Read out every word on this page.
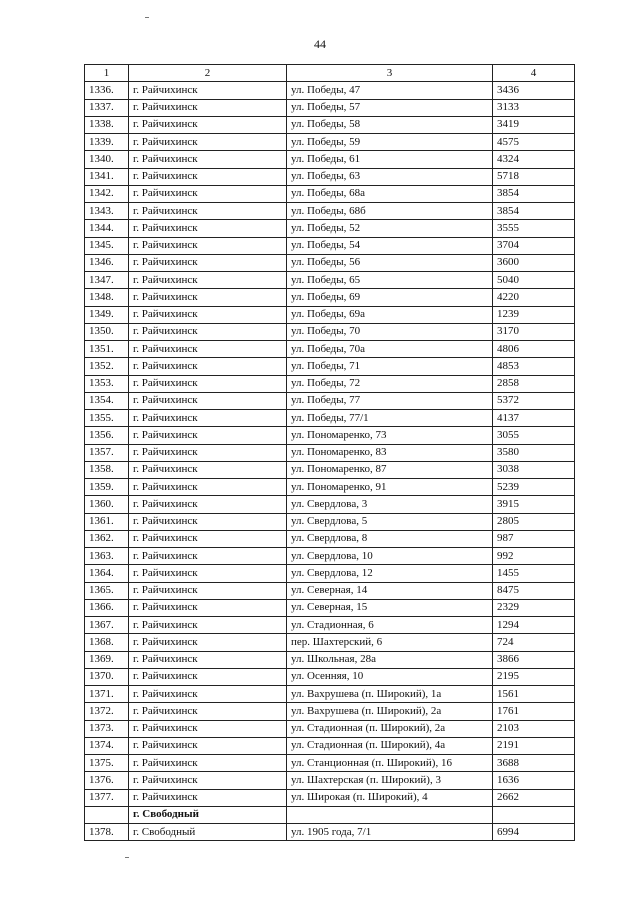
44
1	2	3	4
1336.	г. Райчихинск	ул. Победы, 47	3436
1337.	г. Райчихинск	ул. Победы, 57	3133
1338.	г. Райчихинск	ул. Победы, 58	3419
1339.	г. Райчихинск	ул. Победы, 59	4575
1340.	г. Райчихинск	ул. Победы, 61	4324
1341.	г. Райчихинск	ул. Победы, 63	5718
1342.	г. Райчихинск	ул. Победы, 68а	3854
1343.	г. Райчихинск	ул. Победы, 68б	3854
1344.	г. Райчихинск	ул. Победы, 52	3555
1345.	г. Райчихинск	ул. Победы, 54	3704
1346.	г. Райчихинск	ул. Победы, 56	3600
1347.	г. Райчихинск	ул. Победы, 65	5040
1348.	г. Райчихинск	ул. Победы, 69	4220
1349.	г. Райчихинск	ул. Победы, 69а	1239
1350.	г. Райчихинск	ул. Победы, 70	3170
1351.	г. Райчихинск	ул. Победы, 70а	4806
1352.	г. Райчихинск	ул. Победы, 71	4853
1353.	г. Райчихинск	ул. Победы, 72	2858
1354.	г. Райчихинск	ул. Победы, 77	5372
1355.	г. Райчихинск	ул. Победы, 77/1	4137
1356.	г. Райчихинск	ул. Пономаренко, 73	3055
1357.	г. Райчихинск	ул. Пономаренко, 83	3580
1358.	г. Райчихинск	ул. Пономаренко, 87	3038
1359.	г. Райчихинск	ул. Пономаренко, 91	5239
1360.	г. Райчихинск	ул. Свердлова, 3	3915
1361.	г. Райчихинск	ул. Свердлова, 5	2805
1362.	г. Райчихинск	ул. Свердлова, 8	987
1363.	г. Райчихинск	ул. Свердлова, 10	992
1364.	г. Райчихинск	ул. Свердлова, 12	1455
1365.	г. Райчихинск	ул. Северная, 14	8475
1366.	г. Райчихинск	ул. Северная, 15	2329
1367.	г. Райчихинск	ул. Стадионная, 6	1294
1368.	г. Райчихинск	пер. Шахтерский, 6	724
1369.	г. Райчихинск	ул. Школьная, 28а	3866
1370.	г. Райчихинск	ул. Осенняя, 10	2195
1371.	г. Райчихинск	ул. Вахрушева (п. Широкий), 1а	1561
1372.	г. Райчихинск	ул. Вахрушева (п. Широкий), 2а	1761
1373.	г. Райчихинск	ул. Стадионная (п. Широкий), 2а	2103
1374.	г. Райчихинск	ул. Стадионная (п. Широкий), 4а	2191
1375.	г. Райчихинск	ул. Станционная (п. Широкий), 16	3688
1376.	г. Райчихинск	ул. Шахтерская (п. Широкий), 3	1636
1377.	г. Райчихинск	ул. Широкая (п. Широкий), 4	2662
	г. Свободный		
1378.	г. Свободный	ул. 1905 года, 7/1	6994
